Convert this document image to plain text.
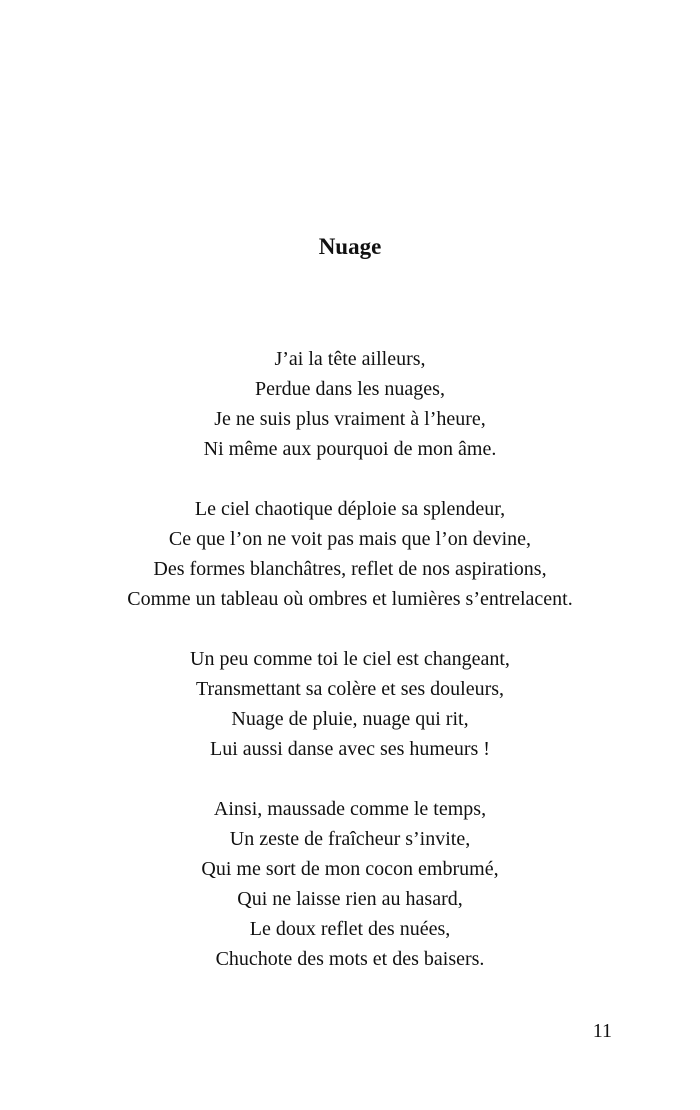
Nuage
J’ai la tête ailleurs,
Perdue dans les nuages,
Je ne suis plus vraiment à l’heure,
Ni même aux pourquoi de mon âme.
Le ciel chaotique déploie sa splendeur,
Ce que l’on ne voit pas mais que l’on devine,
Des formes blanchâtres, reflet de nos aspirations,
Comme un tableau où ombres et lumières s’entrelacent.
Un peu comme toi le ciel est changeant,
Transmettant sa colère et ses douleurs,
Nuage de pluie, nuage qui rit,
Lui aussi danse avec ses humeurs !
Ainsi, maussade comme le temps,
Un zeste de fraîcheur s’invite,
Qui me sort de mon cocon embrumé,
Qui ne laisse rien au hasard,
Le doux reflet des nuées,
Chuchote des mots et des baisers.
11
